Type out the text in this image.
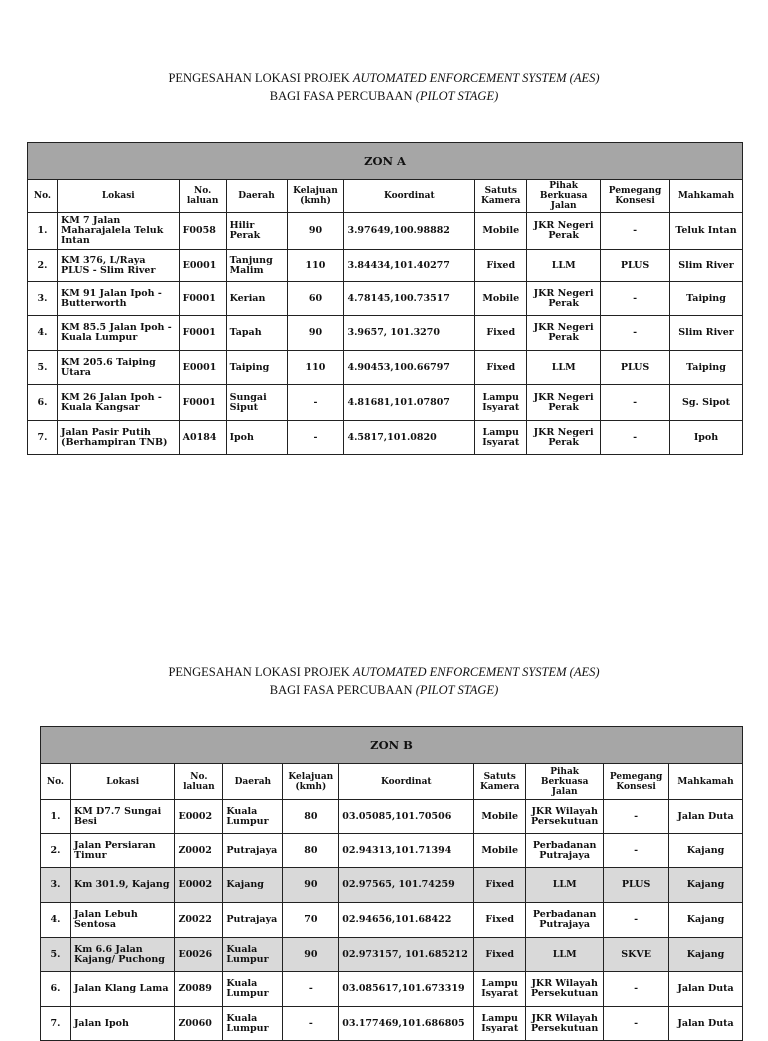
PENGESAHAN LOKASI PROJEK AUTOMATED ENFORCEMENT SYSTEM (AES)
BAGI FASA PERCUBAAN (PILOT STAGE)
ZON A									
No.	Lokasi	No. laluan	Daerah	Kelajuan (kmh)	Koordinat	Satuts Kamera	Pihak Berkuasa Jalan	Pemegang Konsesi	Mahkamah
1.	KM 7 Jalan Maharajalela Teluk Intan	F0058	Hilir Perak	90	3.97649,100.98882	Mobile	JKR Negeri Perak	-	Teluk Intan
2.	KM 376, L/Raya PLUS - Slim River	E0001	Tanjung Malim	110	3.84434,101.40277	Fixed	LLM	PLUS	Slim River
3.	KM 91 Jalan Ipoh - Butterworth	F0001	Kerian	60	4.78145,100.73517	Mobile	JKR Negeri Perak	-	Taiping
4.	KM 85.5 Jalan Ipoh - Kuala Lumpur	F0001	Tapah	90	3.9657, 101.3270	Fixed	JKR Negeri Perak	-	Slim River
5.	KM 205.6 Taiping Utara	E0001	Taiping	110	4.90453,100.66797	Fixed	LLM	PLUS	Taiping
6.	KM 26 Jalan Ipoh - Kuala Kangsar	F0001	Sungai Siput	-	4.81681,101.07807	Lampu Isyarat	JKR Negeri Perak	-	Sg. Sipot
7.	Jalan Pasir Putih (Berhampiran TNB)	A0184	Ipoh	-	4.5817,101.0820	Lampu Isyarat	JKR Negeri Perak	-	Ipoh
PENGESAHAN LOKASI PROJEK AUTOMATED ENFORCEMENT SYSTEM (AES)
BAGI FASA PERCUBAAN (PILOT STAGE)
ZON B									
No.	Lokasi	No. laluan	Daerah	Kelajuan (kmh)	Koordinat	Satuts Kamera	Pihak Berkuasa Jalan	Pemegang Konsesi	Mahkamah
1.	KM D7.7 Sungai Besi	E0002	Kuala Lumpur	80	03.05085,101.70506	Mobile	JKR Wilayah Persekutuan	-	Jalan Duta
2.	Jalan Persiaran Timur	Z0002	Putrajaya	80	02.94313,101.71394	Mobile	Perbadanan Putrajaya	-	Kajang
3.	Km 301.9, Kajang	E0002	Kajang	90	02.97565, 101.74259	Fixed	LLM	PLUS	Kajang
4.	Jalan Lebuh Sentosa	Z0022	Putrajaya	70	02.94656,101.68422	Fixed	Perbadanan Putrajaya	-	Kajang
5.	Km 6.6 Jalan Kajang/ Puchong	E0026	Kuala Lumpur	90	02.973157, 101.685212	Fixed	LLM	SKVE	Kajang
6.	Jalan Klang Lama	Z0089	Kuala Lumpur	-	03.085617,101.673319	Lampu Isyarat	JKR Wilayah Persekutuan	-	Jalan Duta
7.	Jalan Ipoh	Z0060	Kuala Lumpur	-	03.177469,101.686805	Lampu Isyarat	JKR Wilayah Persekutuan	-	Jalan Duta
